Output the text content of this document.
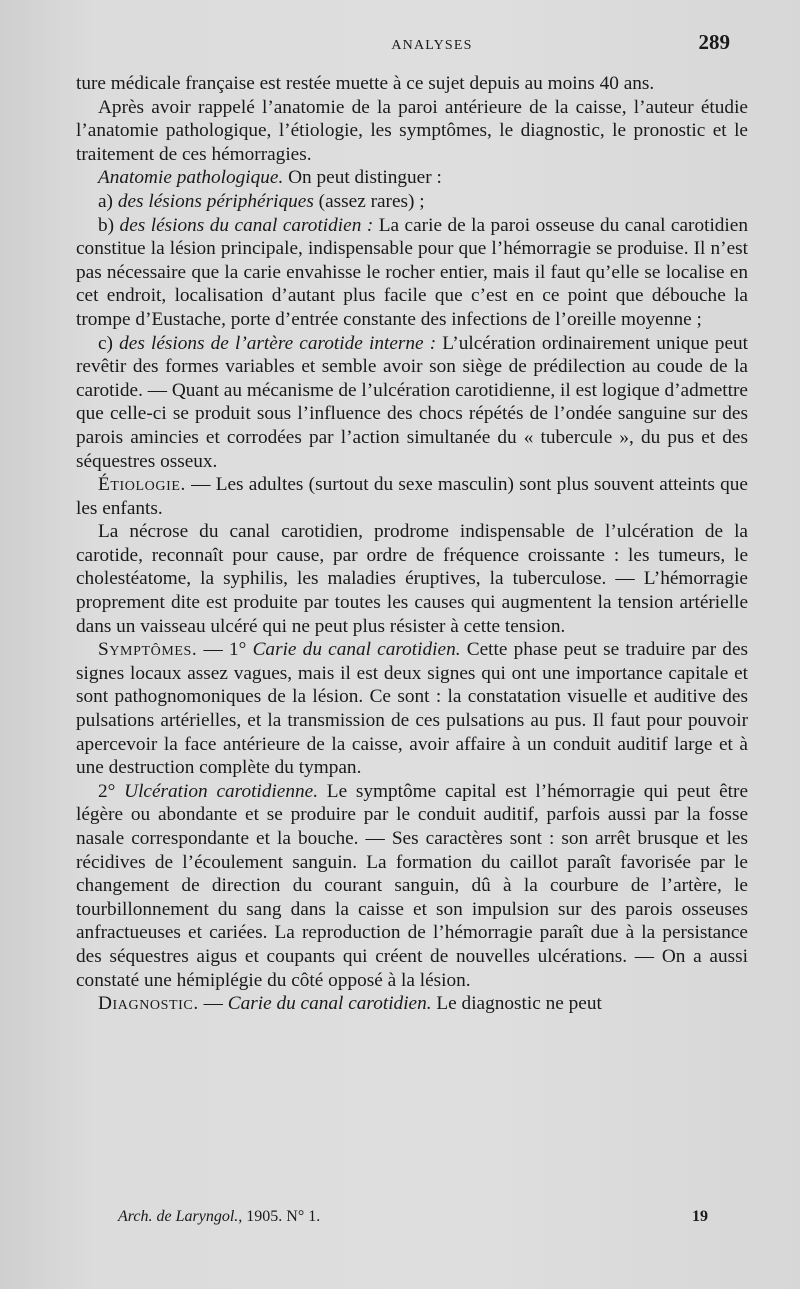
ANALYSES	289

ture médicale française est restée muette à ce sujet depuis au moins 40 ans.

Après avoir rappelé l’anatomie de la paroi antérieure de la caisse, l’auteur étudie l’anatomie pathologique, l’étiologie, les symptômes, le diagnostic, le pronostic et le traitement de ces hémorragies.

Anatomie pathologique. On peut distinguer :

a) des lésions périphériques (assez rares) ;

b) des lésions du canal carotidien : La carie de la paroi osseuse du canal carotidien constitue la lésion principale, indispensable pour que l’hémorragie se produise. Il n’est pas nécessaire que la carie envahisse le rocher entier, mais il faut qu’elle se localise en cet endroit, localisation d’autant plus facile que c’est en ce point que débouche la trompe d’Eustache, porte d’entrée constante des infections de l’oreille moyenne ;

c) des lésions de l’artère carotide interne : L’ulcération ordinairement unique peut revêtir des formes variables et semble avoir son siège de prédilection au coude de la carotide. — Quant au mécanisme de l’ulcération carotidienne, il est logique d’admettre que celle-ci se produit sous l’influence des chocs répétés de l’ondée sanguine sur des parois amincies et corrodées par l’action simultanée du « tubercule », du pus et des séquestres osseux.

Étiologie. — Les adultes (surtout du sexe masculin) sont plus souvent atteints que les enfants.

La nécrose du canal carotidien, prodrome indispensable de l’ulcération de la carotide, reconnaît pour cause, par ordre de fréquence croissante : les tumeurs, le cholestéatome, la syphilis, les maladies éruptives, la tuberculose. — L’hémorragie proprement dite est produite par toutes les causes qui augmentent la tension artérielle dans un vaisseau ulcéré qui ne peut plus résister à cette tension.

Symptômes. — 1° Carie du canal carotidien. Cette phase peut se traduire par des signes locaux assez vagues, mais il est deux signes qui ont une importance capitale et sont pathognomoniques de la lésion. Ce sont : la constatation visuelle et auditive des pulsations artérielles, et la transmission de ces pulsations au pus. Il faut pour pouvoir apercevoir la face antérieure de la caisse, avoir affaire à un conduit auditif large et à une destruction complète du tympan.

2° Ulcération carotidienne. Le symptôme capital est l’hémorragie qui peut être légère ou abondante et se produire par le conduit auditif, parfois aussi par la fosse nasale correspondante et la bouche. — Ses caractères sont : son arrêt brusque et les récidives de l’écoulement sanguin. La formation du caillot paraît favorisée par le changement de direction du courant sanguin, dû à la courbure de l’artère, le tourbillonnement du sang dans la caisse et son impulsion sur des parois osseuses anfractueuses et cariées. La reproduction de l’hémorragie paraît due à la persistance des séquestres aigus et coupants qui créent de nouvelles ulcérations. — On a aussi constaté une hémiplégie du côté opposé à la lésion.

Diagnostic. — Carie du canal carotidien. Le diagnostic ne peut

Arch. de Laryngol., 1905. N° 1.	19
